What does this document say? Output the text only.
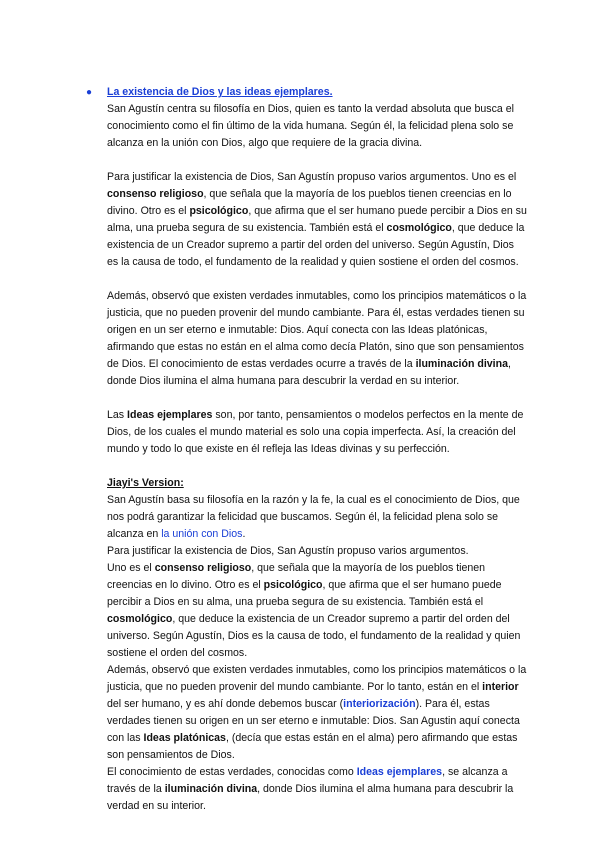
● La existencia de Dios y las ideas ejemplares.

San Agustín centra su filosofía en Dios, quien es tanto la verdad absoluta que busca el conocimiento como el fin último de la vida humana. Según él, la felicidad plena solo se alcanza en la unión con Dios, algo que requiere de la gracia divina.

Para justificar la existencia de Dios, San Agustín propuso varios argumentos. Uno es el consenso religioso, que señala que la mayoría de los pueblos tienen creencias en lo divino. Otro es el psicológico, que afirma que el ser humano puede percibir a Dios en su alma, una prueba segura de su existencia. También está el cosmológico, que deduce la existencia de un Creador supremo a partir del orden del universo. Según Agustín, Dios es la causa de todo, el fundamento de la realidad y quien sostiene el orden del cosmos.

Además, observó que existen verdades inmutables, como los principios matemáticos o la justicia, que no pueden provenir del mundo cambiante. Para él, estas verdades tienen su origen en un ser eterno e inmutable: Dios. Aquí conecta con las Ideas platónicas, afirmando que estas no están en el alma como decía Platón, sino que son pensamientos de Dios. El conocimiento de estas verdades ocurre a través de la iluminación divina, donde Dios ilumina el alma humana para descubrir la verdad en su interior.

Las Ideas ejemplares son, por tanto, pensamientos o modelos perfectos en la mente de Dios, de los cuales el mundo material es solo una copia imperfecta. Así, la creación del mundo y todo lo que existe en él refleja las Ideas divinas y su perfección.

Jiayi's Version:

San Agustín basa su filosofía en la razón y la fe, la cual es el conocimiento de Dios, que nos podrá garantizar la felicidad que buscamos. Según él, la felicidad plena solo se alcanza en la unión con Dios.

Para justificar la existencia de Dios, San Agustín propuso varios argumentos.

Uno es el consenso religioso, que señala que la mayoría de los pueblos tienen creencias en lo divino. Otro es el psicológico, que afirma que el ser humano puede percibir a Dios en su alma, una prueba segura de su existencia. También está el cosmológico, que deduce la existencia de un Creador supremo a partir del orden del universo. Según Agustín, Dios es la causa de todo, el fundamento de la realidad y quien sostiene el orden del cosmos.

Además, observó que existen verdades inmutables, como los principios matemáticos o la justicia, que no pueden provenir del mundo cambiante. Por lo tanto, están en el interior del ser humano, y es ahí donde debemos buscar (interiorización). Para él, estas verdades tienen su origen en un ser eterno e inmutable: Dios. San Agustin aquí conecta con las Ideas platónicas, (decía que estas están en el alma) pero afirmando que estas son pensamientos de Dios.

El conocimiento de estas verdades, conocidas como Ideas ejemplares, se alcanza a través de la iluminación divina, donde Dios ilumina el alma humana para descubrir la verdad en su interior.
